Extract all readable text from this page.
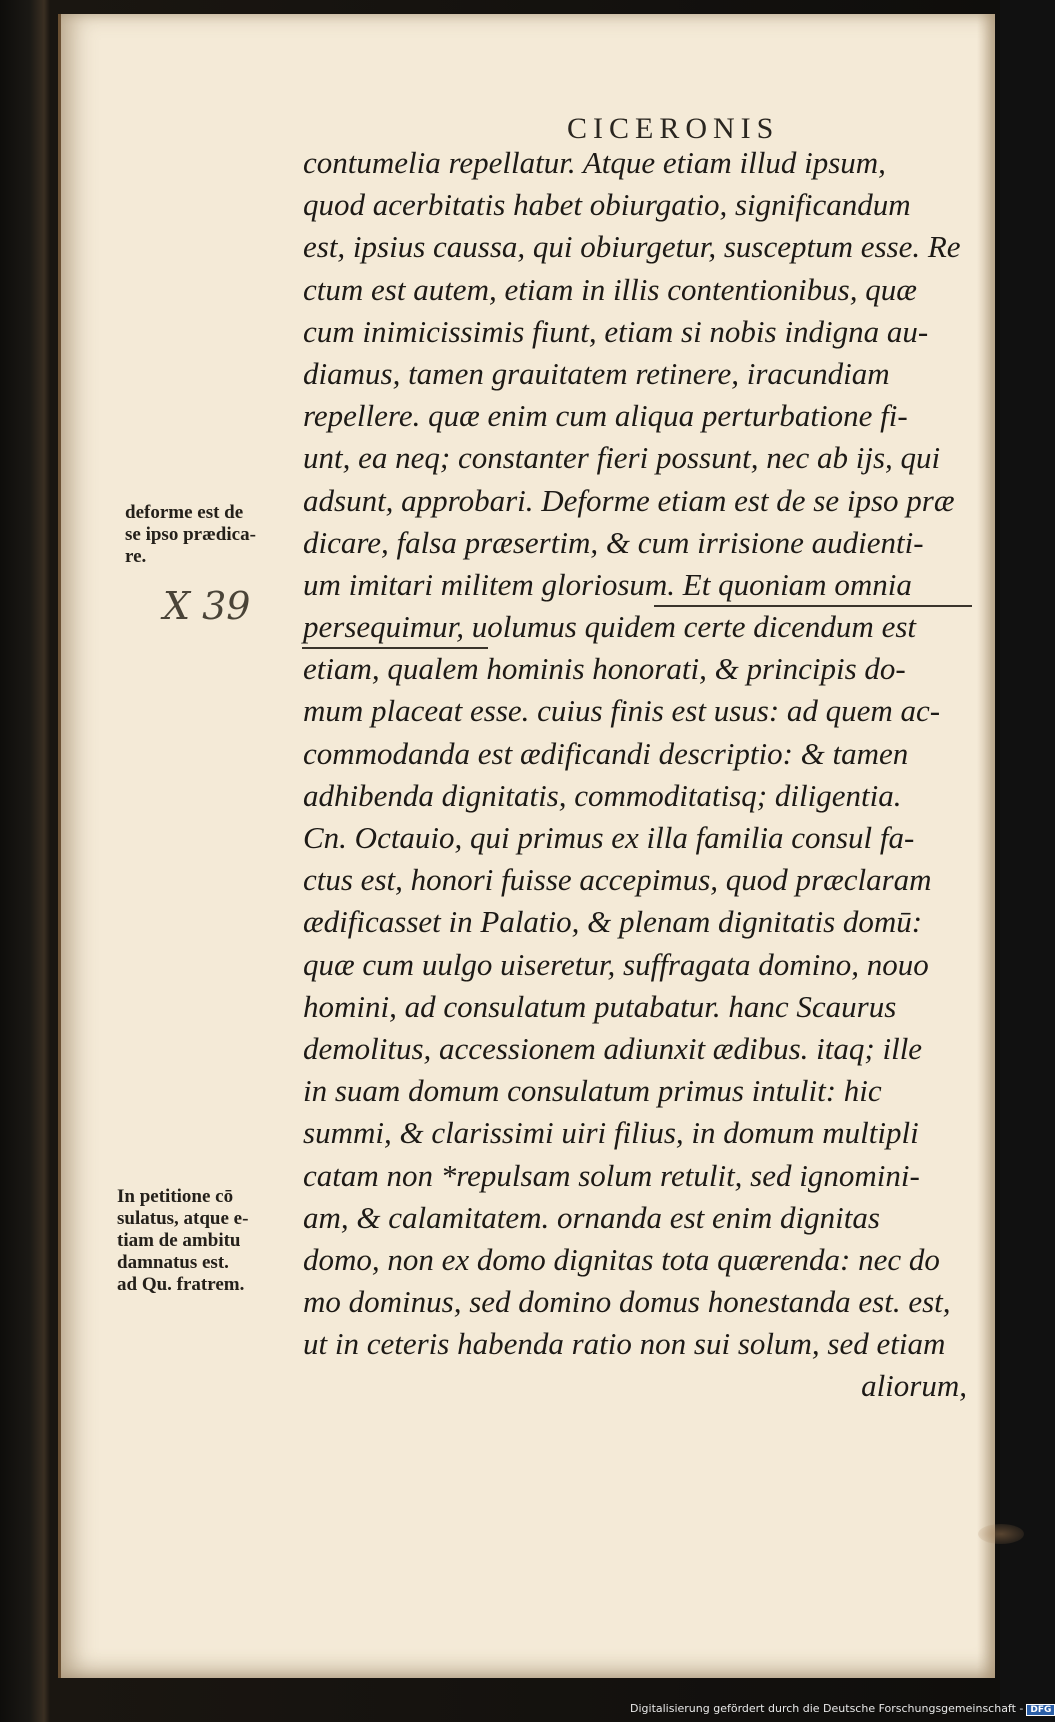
CICERONIS
contumelia repellatur. Atque etiam illud ipsum,
quod acerbitatis habet obiurgatio, significandum
est, ipsius caussa, qui obiurgetur, susceptum esse. Re
ctum est autem, etiam in illis contentionibus, quæ
cum inimicissimis fiunt, etiam si nobis indigna au-
diamus, tamen grauitatem retinere, iracundiam
repellere. quæ enim cum aliqua perturbatione fi-
unt, ea neq; constanter fieri possunt, nec ab ijs, qui
adsunt, approbari. Deforme etiam est de se ipso præ
dicare, falsa præsertim, & cum irrisione audienti-
um imitari militem gloriosum. Et quoniam omnia
persequimur, uolumus quidem certe dicendum est
etiam, qualem hominis honorati, & principis do-
mum placeat esse. cuius finis est usus: ad quem ac-
commodanda est ædificandi descriptio: & tamen
adhibenda dignitatis, commoditatisq; diligentia.
Cn. Octauio, qui primus ex illa familia consul fa-
ctus est, honori fuisse accepimus, quod præclaram
ædificasset in Palatio, & plenam dignitatis domū:
quæ cum uulgo uiseretur, suffragata domino, nouo
homini, ad consulatum putabatur. hanc Scaurus
demolitus, accessionem adiunxit ædibus. itaq; ille
in suam domum consulatum primus intulit: hic
summi, & clarissimi uiri filius, in domum multipli
catam non *repulsam solum retulit, sed ignomini-
am, & calamitatem. ornanda est enim dignitas
domo, non ex domo dignitas tota quærenda: nec do
mo dominus, sed domino domus honestanda est. est,
ut in ceteris habenda ratio non sui solum, sed etiam
aliorum,
deforme est de
se ipso prædica-
re.
X 39
In petitione cō
sulatus, atque e-
tiam de ambitu
damnatus est.
ad Qu. fratrem.
Digitalisierung gefördert durch die Deutsche Forschungsgemeinschaft - DFG
